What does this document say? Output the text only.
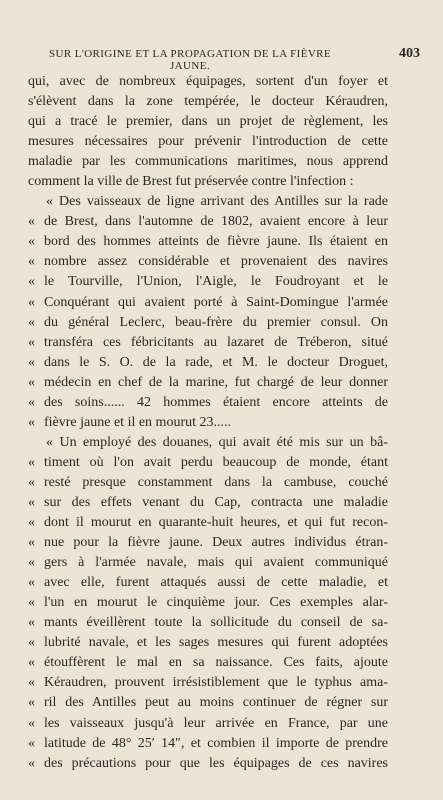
SUR L'ORIGINE ET LA PROPAGATION DE LA FIÈVRE JAUNE.
403
qui, avec de nombreux équipages, sortent d'un foyer et
s'élèvent dans la zone tempérée, le docteur Kéraudren,
qui a tracé le premier, dans un projet de règlement, les
mesures nécessaires pour prévenir l'introduction de cette
maladie par les communications maritimes, nous apprend
comment la ville de Brest fut préservée contre l'infection :
« Des vaisseaux de ligne arrivant des Antilles sur la rade
« de Brest, dans l'automne de 1802, avaient encore à leur
« bord des hommes atteints de fièvre jaune. Ils étaient en
« nombre assez considérable et provenaient des navires
« le Tourville, l'Union, l'Aigle, le Foudroyant et le
« Conquérant qui avaient porté à Saint-Domingue l'armée
« du général Leclerc, beau-frère du premier consul. On
« transféra ces fébricitants au lazaret de Tréberon, situé
« dans le S. O. de la rade, et M. le docteur Droguet,
« médecin en chef de la marine, fut chargé de leur donner
« des soins...... 42 hommes étaient encore atteints de
« fièvre jaune et il en mourut 23.....
« Un employé des douanes, qui avait été mis sur un bâ-
« timent où l'on avait perdu beaucoup de monde, étant
« resté presque constamment dans la cambuse, couché
« sur des effets venant du Cap, contracta une maladie
« dont il mourut en quarante-huit heures, et qui fut recon-
« nue pour la fièvre jaune. Deux autres individus étran-
« gers à l'armée navale, mais qui avaient communiqué
« avec elle, furent attaqués aussi de cette maladie, et
« l'un en mourut le cinquième jour. Ces exemples alar-
« mants éveillèrent toute la sollicitude du conseil de sa-
« lubrité navale, et les sages mesures qui furent adoptées
« étouffèrent le mal en sa naissance. Ces faits, ajoute
« Kéraudren, prouvent irrésistiblement que le typhus ama-
« ril des Antilles peut au moins continuer de régner sur
« les vaisseaux jusqu'à leur arrivée en France, par une
« latitude de 48° 25′ 14″, et combien il importe de prendre
« des précautions pour que les équipages de ces navires
